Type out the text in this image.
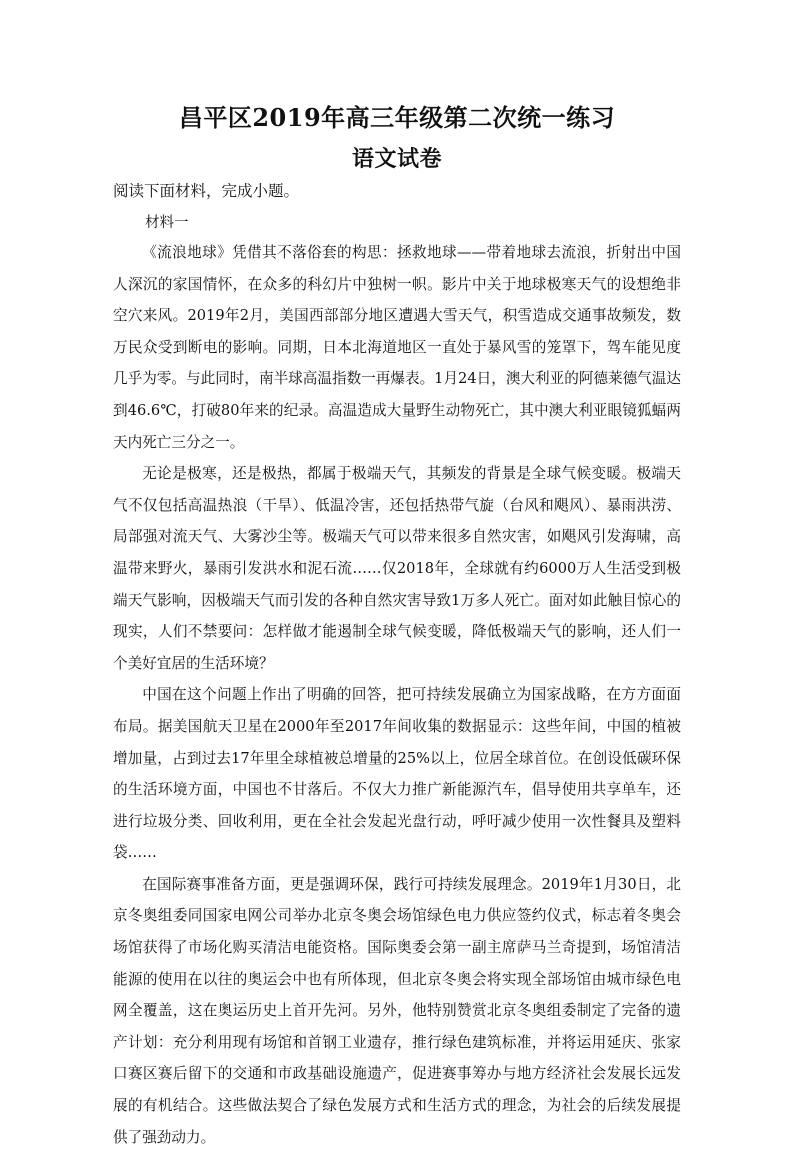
昌平区2019年高三年级第二次统一练习
语文试卷
阅读下面材料，完成小题。
材料一

《流浪地球》凭借其不落俗套的构思：拯救地球——带着地球去流浪，折射出中国人深沉的家国情怀，在众多的科幻片中独树一帜。影片中关于地球极寒天气的设想绝非空穴来风。2019年2月，美国西部部分地区遭遇大雪天气，积雪造成交通事故频发，数万民众受到断电的影响。同期，日本北海道地区一直处于暴风雪的笼罩下，驾车能见度几乎为零。与此同时，南半球高温指数一再爆表。1月24日，澳大利亚的阿德莱德气温达到46.6℃，打破80年来的纪录。高温造成大量野生动物死亡，其中澳大利亚眼镜狐蝠两天内死亡三分之一。

无论是极寒，还是极热，都属于极端天气，其频发的背景是全球气候变暖。极端天气不仅包括高温热浪（干旱）、低温冷害，还包括热带气旋（台风和飓风）、暴雨洪涝、局部强对流天气、大雾沙尘等。极端天气可以带来很多自然灾害，如飓风引发海啸，高温带来野火，暴雨引发洪水和泥石流……仅2018年，全球就有约6000万人生活受到极端天气影响，因极端天气而引发的各种自然灾害导致1万多人死亡。面对如此触目惊心的现实，人们不禁要问：怎样做才能遏制全球气候变暖，降低极端天气的影响，还人们一个美好宜居的生活环境？

中国在这个问题上作出了明确的回答，把可持续发展确立为国家战略，在方方面面布局。据美国航天卫星在2000年至2017年间收集的数据显示：这些年间，中国的植被增加量，占到过去17年里全球植被总增量的25%以上，位居全球首位。在创设低碳环保的生活环境方面，中国也不甘落后。不仅大力推广新能源汽车，倡导使用共享单车，还进行垃圾分类、回收利用，更在全社会发起光盘行动，呼吁减少使用一次性餐具及塑料袋……

在国际赛事准备方面，更是强调环保，践行可持续发展理念。2019年1月30日，北京冬奥组委同国家电网公司举办北京冬奥会场馆绿色电力供应签约仪式，标志着冬奥会场馆获得了市场化购买清洁电能资格。国际奥委会第一副主席萨马兰奇提到，场馆清洁能源的使用在以往的奥运会中也有所体现，但北京冬奥会将实现全部场馆由城市绿色电网全覆盖，这在奥运历史上首开先河。另外，他特别赞赏北京冬奥组委制定了完备的遗产计划：充分利用现有场馆和首钢工业遗存，推行绿色建筑标准，并将运用延庆、张家口赛区赛后留下的交通和市政基础设施遗产，促进赛事筹办与地方经济社会发展长远发展的有机结合。这些做法契合了绿色发展方式和生活方式的理念，为社会的后续发展提供了强劲动力。
